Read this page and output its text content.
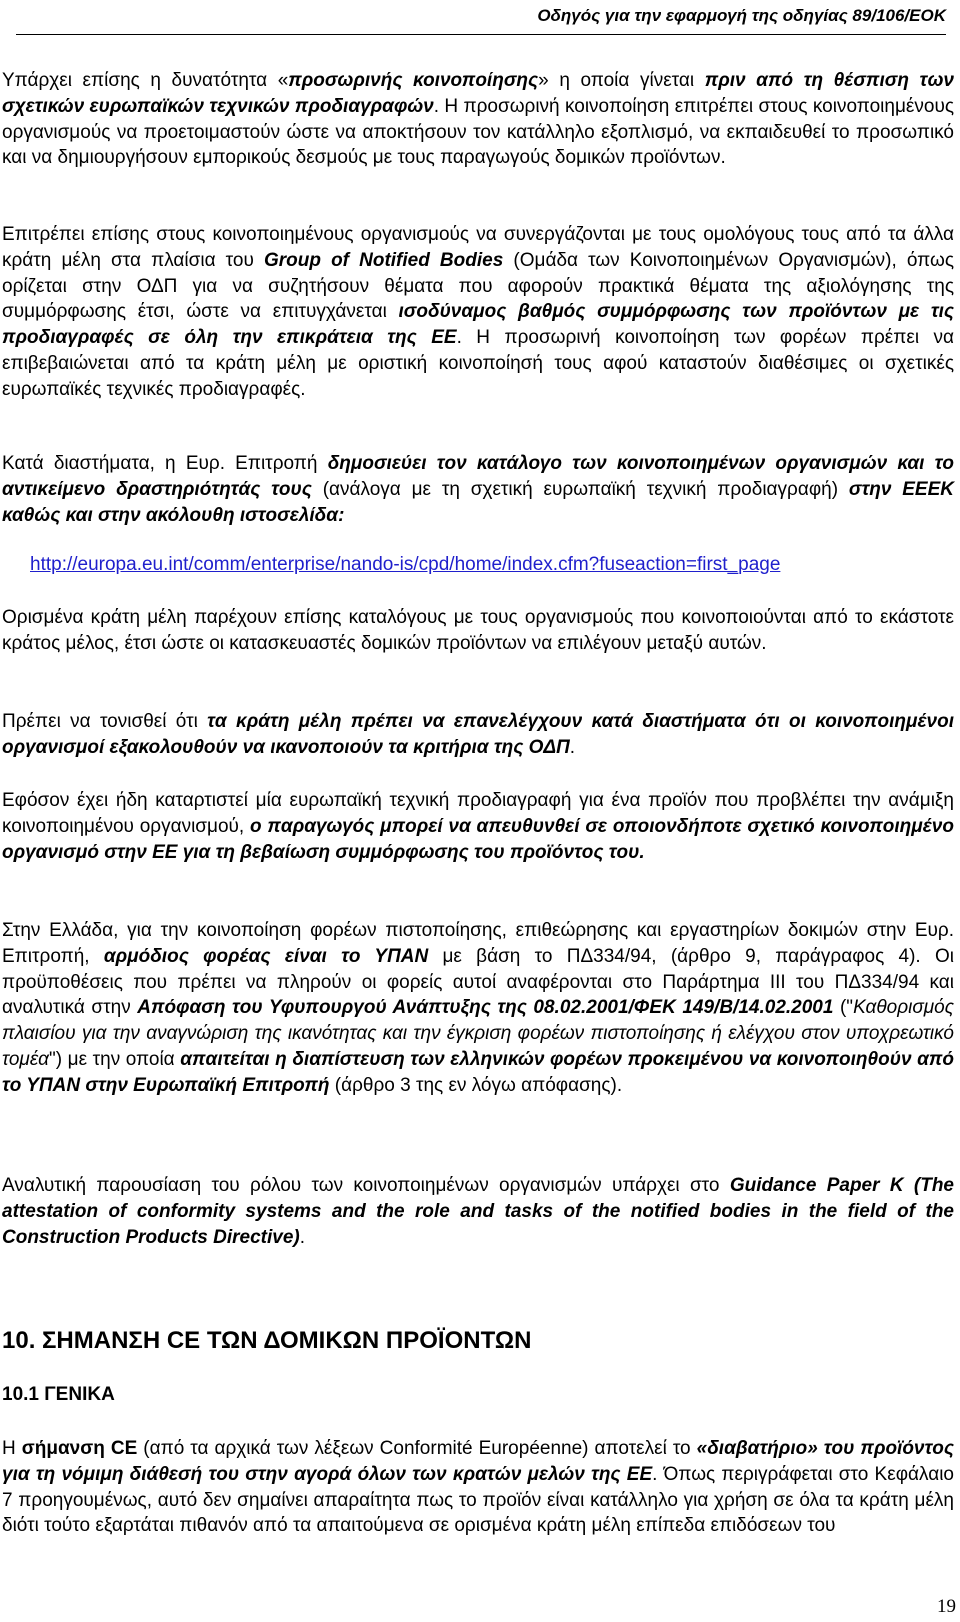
Οδηγός για την εφαρμογή της οδηγίας 89/106/ΕΟΚ

Υπάρχει επίσης η δυνατότητα «προσωρινής κοινοποίησης» η οποία γίνεται πριν από τη θέσπιση των σχετικών ευρωπαϊκών τεχνικών προδιαγραφών. Η προσωρινή κοινοποίηση επιτρέπει στους κοινοποιημένους οργανισμούς να προετοιμαστούν ώστε να αποκτήσουν τον κατάλληλο εξοπλισμό, να εκπαιδευθεί το προσωπικό και να δημιουργήσουν εμπορικούς δεσμούς με τους παραγωγούς δομικών προϊόντων.

Επιτρέπει επίσης στους κοινοποιημένους οργανισμούς να συνεργάζονται με τους ομολόγους τους από τα άλλα κράτη μέλη στα πλαίσια του Group of Notified Bodies (Ομάδα των Κοινοποιημένων Οργανισμών), όπως ορίζεται στην ΟΔΠ για να συζητήσουν θέματα που αφορούν πρακτικά θέματα της αξιολόγησης της συμμόρφωσης έτσι, ώστε να επιτυγχάνεται ισοδύναμος βαθμός συμμόρφωσης των προϊόντων με τις προδιαγραφές σε όλη την επικράτεια της ΕΕ. Η προσωρινή κοινοποίηση των φορέων πρέπει να επιβεβαιώνεται από τα κράτη μέλη με οριστική κοινοποίησή τους αφού καταστούν διαθέσιμες οι σχετικές ευρωπαϊκές τεχνικές προδιαγραφές.

Κατά διαστήματα, η Ευρ. Επιτροπή δημοσιεύει τον κατάλογο των κοινοποιημένων οργανισμών και το αντικείμενο δραστηριότητάς τους (ανάλογα με τη σχετική ευρωπαϊκή τεχνική προδιαγραφή) στην ΕΕΕΚ καθώς και στην ακόλουθη ιστοσελίδα:

http://europa.eu.int/comm/enterprise/nando-is/cpd/home/index.cfm?fuseaction=first_page

Ορισμένα κράτη μέλη παρέχουν επίσης καταλόγους με τους οργανισμούς που κοινοποιούνται από το εκάστοτε κράτος μέλος, έτσι ώστε οι κατασκευαστές δομικών προϊόντων να επιλέγουν μεταξύ αυτών.

Πρέπει να τονισθεί ότι τα κράτη μέλη πρέπει να επανελέγχουν κατά διαστήματα ότι οι κοινοποιημένοι οργανισμοί εξακολουθούν να ικανοποιούν τα κριτήρια της ΟΔΠ.

Εφόσον έχει ήδη καταρτιστεί μία ευρωπαϊκή τεχνική προδιαγραφή για ένα προϊόν που προβλέπει την ανάμιξη κοινοποιημένου οργανισμού, ο παραγωγός μπορεί να απευθυνθεί σε οποιονδήποτε σχετικό κοινοποιημένο οργανισμό στην ΕΕ για τη βεβαίωση συμμόρφωσης του προϊόντος του.

Στην Ελλάδα, για την κοινοποίηση φορέων πιστοποίησης, επιθεώρησης και εργαστηρίων δοκιμών στην Ευρ. Επιτροπή, αρμόδιος φορέας είναι το ΥΠΑΝ με βάση το ΠΔ334/94, (άρθρο 9, παράγραφος 4). Οι προϋποθέσεις που πρέπει να πληρούν οι φορείς αυτοί αναφέρονται στο Παράρτημα ΙΙΙ του ΠΔ334/94 και αναλυτικά στην Απόφαση του Υφυπουργού Ανάπτυξης της 08.02.2001/ΦΕΚ 149/Β/14.02.2001 ("Καθορισμός πλαισίου για την αναγνώριση της ικανότητας και την έγκριση φορέων πιστοποίησης ή ελέγχου στον υποχρεωτικό τομέα") με την οποία απαιτείται η διαπίστευση των ελληνικών φορέων προκειμένου να κοινοποιηθούν από το ΥΠΑΝ στην Ευρωπαϊκή Επιτροπή (άρθρο 3 της εν λόγω απόφασης).

Αναλυτική παρουσίαση του ρόλου των κοινοποιημένων οργανισμών υπάρχει στο Guidance Paper K (The attestation of conformity systems and the role and tasks of the notified bodies in the field of the Construction Products Directive).

10. ΣΗΜΑΝΣΗ CE ΤΩΝ ΔΟΜΙΚΩΝ ΠΡΟΪΟΝΤΩΝ
10.1 ΓΕΝΙΚΑ

Η σήμανση CE (από τα αρχικά των λέξεων Conformité Européenne) αποτελεί το «διαβατήριο» του προϊόντος για τη νόμιμη διάθεσή του στην αγορά όλων των κρατών μελών της ΕΕ. Όπως περιγράφεται στο Κεφάλαιο 7 προηγουμένως, αυτό δεν σημαίνει απαραίτητα πως το προϊόν είναι κατάλληλο για χρήση σε όλα τα κράτη μέλη διότι τούτο εξαρτάται πιθανόν από τα απαιτούμενα σε ορισμένα κράτη μέλη επίπεδα επιδόσεων του

19
